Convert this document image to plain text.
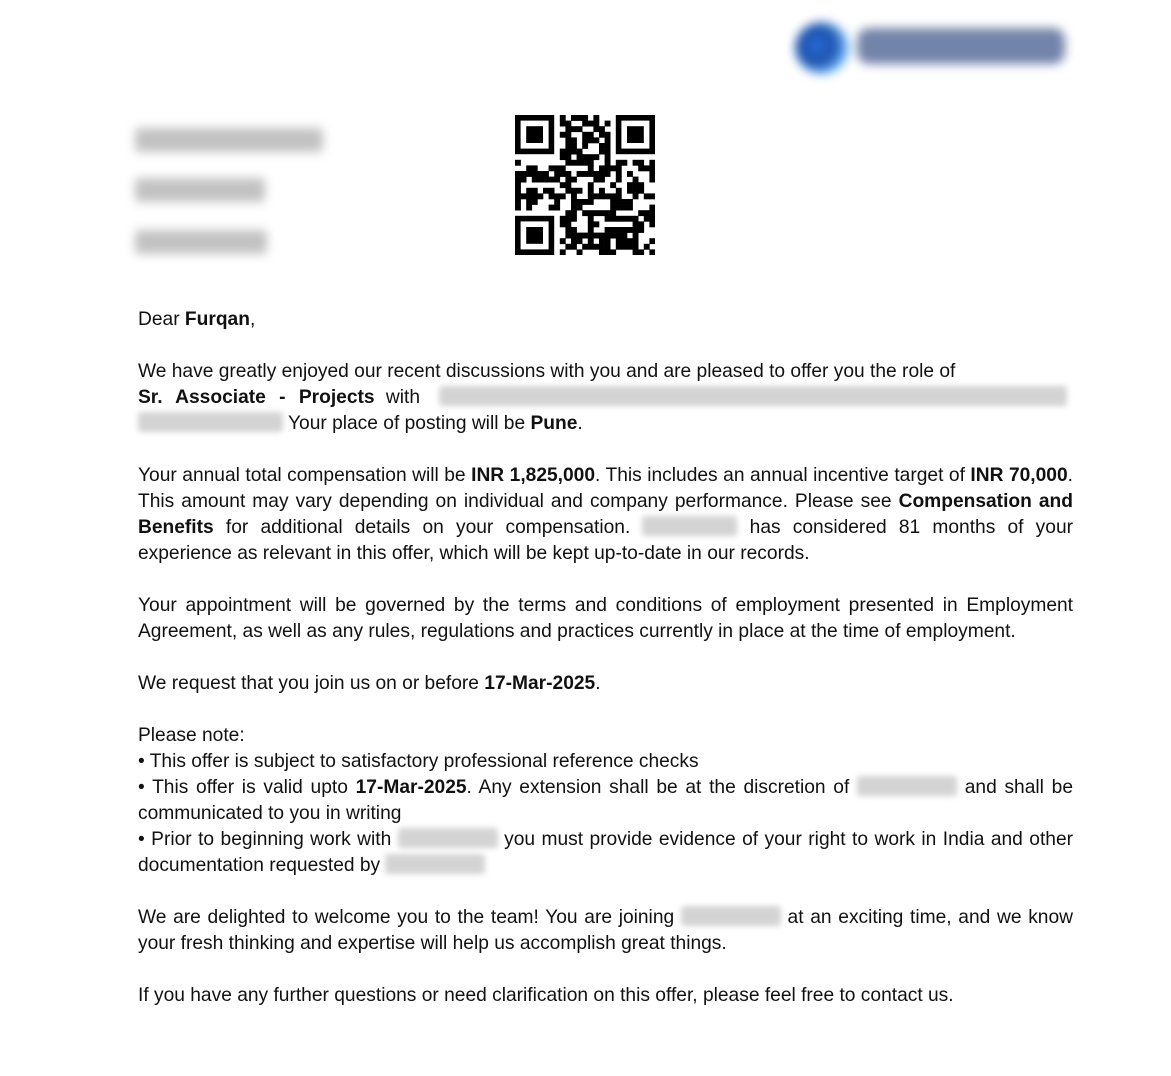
Dear Furqan,

We have greatly enjoyed our recent discussions with you and are pleased to offer you the role of

Sr. Associate - Projects with

Your place of posting will be Pune.

Your annual total compensation will be INR 1,825,000. This includes an annual incentive target of INR 70,000. This amount may vary depending on individual and company performance. Please see Compensation and Benefits for additional details on your compensation.	has considered 81 months of your experience as relevant in this offer, which will be kept up-to-date in our records.

Your appointment will be governed by the terms and conditions of employment presented in Employment Agreement, as well as any rules, regulations and practices currently in place at the time of employment.

We request that you join us on or before 17-Mar-2025.

Please note:

• This offer is subject to satisfactory professional reference checks

• This offer is valid upto 17-Mar-2025. Any extension shall be at the discretion of	and shall be communicated to you in writing

• Prior to beginning work with	you must provide evidence of your right to work in India and other documentation requested by

We are delighted to welcome you to the team! You are joining	at an exciting time, and we know your fresh thinking and expertise will help us accomplish great things.

If you have any further questions or need clarification on this offer, please feel free to contact us.
